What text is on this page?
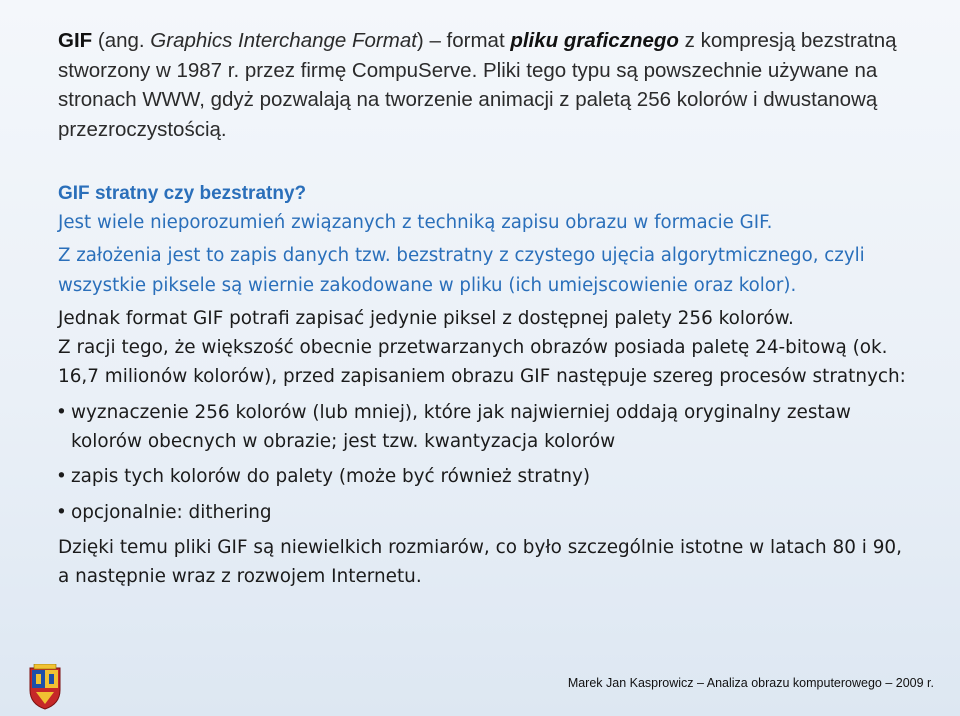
GIF (ang. Graphics Interchange Format) – format pliku graficznego z kompresją bezstratną stworzony w 1987 r. przez firmę CompuServe. Pliki tego typu są powszechnie używane na stronach WWW, gdyż pozwalają na tworzenie animacji z paletą 256 kolorów i dwustanową przezroczystością.

GIF stratny czy bezstratny?

Jest wiele nieporozumień związanych z techniką zapisu obrazu w formacie GIF.

Z założenia jest to zapis danych tzw. bezstratny z czystego ujęcia algorytmicznego, czyli wszystkie piksele są wiernie zakodowane w pliku (ich umiejscowienie oraz kolor).

Jednak format GIF potrafi zapisać jedynie piksel z dostępnej palety 256 kolorów.

Z racji tego, że większość obecnie przetwarzanych obrazów posiada paletę 24-bitową (ok. 16,7 milionów kolorów), przed zapisaniem obrazu GIF następuje szereg procesów stratnych:

• wyznaczenie 256 kolorów (lub mniej), które jak najwierniej oddają oryginalny zestaw kolorów obecnych w obrazie; jest tzw. kwantyzacja kolorów
• zapis tych kolorów do palety (może być również stratny)
• opcjonalnie: dithering

Dzięki temu pliki GIF są niewielkich rozmiarów, co było szczególnie istotne w latach 80 i 90, a następnie wraz z rozwojem Internetu.

Marek Jan Kasprowicz – Analiza obrazu komputerowego – 2009 r.
